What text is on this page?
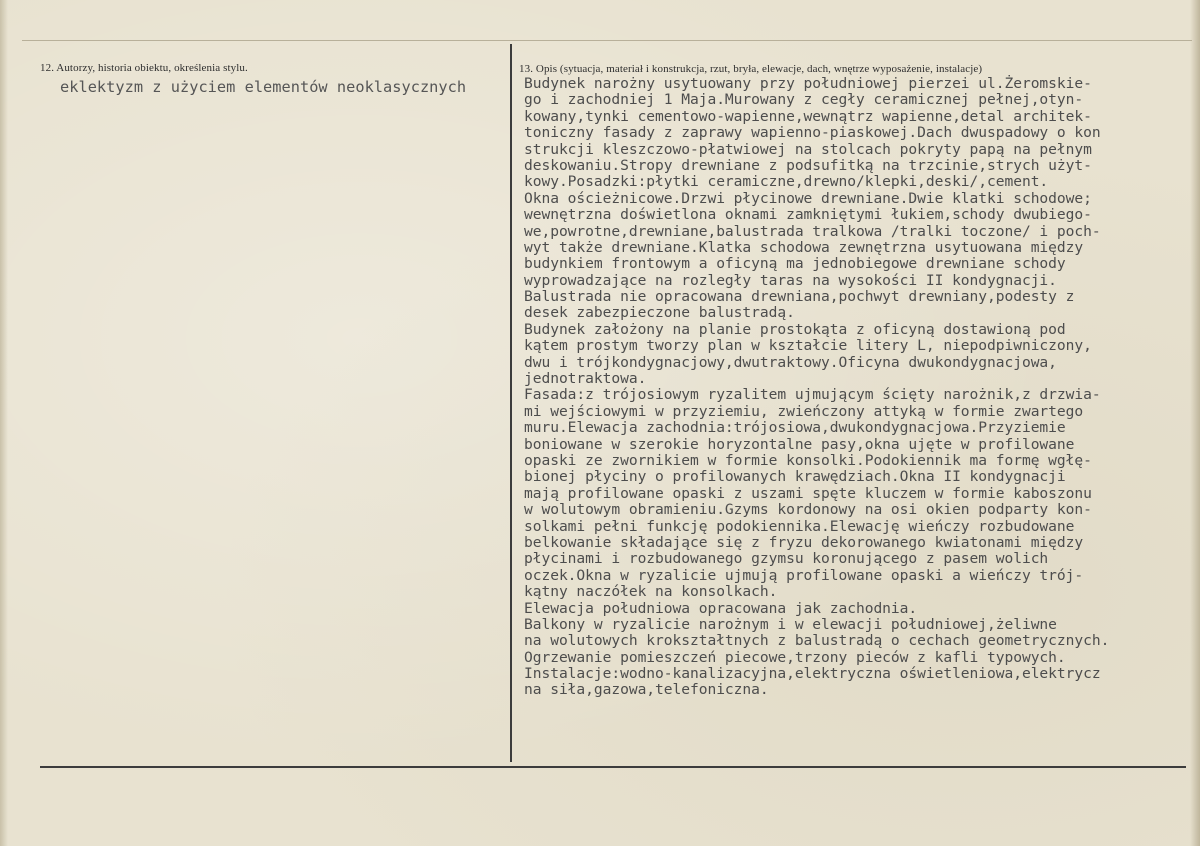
12. Autorzy, historia obiektu, określenia stylu.
eklektyzm z użyciem elementów neoklasycznych
13. Opis (sytuacja, materiał i konstrukcja, rzut, bryła, elewacje, dach, wnętrze wyposażenie, instalacje)
Budynek narożny usytuowany przy południowej pierzei ul.Żeromskie-
go i zachodniej 1 Maja.Murowany z cegły ceramicznej pełnej,otyn-
kowany,tynki cementowo-wapienne,wewnątrz wapienne,detal architek-
toniczny fasady z zaprawy wapienno-piaskowej.Dach dwuspadowy o kon
strukcji kleszczowo-płatwiowej na stolcach pokryty papą na pełnym
deskowaniu.Stropy drewniane z podsufitką na trzcinie,strych użyt-
kowy.Posadzki:płytki ceramiczne,drewno/klepki,deski/,cement.
Okna ościeżnicowe.Drzwi płycinowe drewniane.Dwie klatki schodowe;
wewnętrzna doświetlona oknami zamkniętymi łukiem,schody dwubiego-
we,powrotne,drewniane,balustrada tralkowa /tralki toczone/ i poch-
wyt także drewniane.Klatka schodowa zewnętrzna usytuowana między
budynkiem frontowym a oficyną ma jednobiegowe drewniane schody
wyprowadzające na rozległy taras na wysokości II kondygnacji.
Balustrada nie opracowana drewniana,pochwyt drewniany,podesty z
desek zabezpieczone balustradą.
Budynek założony na planie prostokąta z oficyną dostawioną pod
kątem prostym tworzy plan w kształcie litery L, niepodpiwniczony,
dwu i trójkondygnacjowy,dwutraktowy.Oficyna dwukondygnacjowa,
jednotraktowa.
Fasada:z trójosiowym ryzalitem ujmującym ścięty narożnik,z drzwia-
mi wejściowymi w przyziemiu, zwieńczony attyką w formie zwartego
muru.Elewacja zachodnia:trójosiowa,dwukondygnacjowa.Przyziemie
boniowane w szerokie horyzontalne pasy,okna ujęte w profilowane
opaski ze zwornikiem w formie konsolki.Podokiennik ma formę wgłę-
bionej płyciny o profilowanych krawędziach.Okna II kondygnacji
mają profilowane opaski z uszami spęte kluczem w formie kaboszonu
w wolutowym obramieniu.Gzyms kordonowy na osi okien podparty kon-
solkami pełni funkcję podokiennika.Elewację wieńczy rozbudowane
belkowanie składające się z fryzu dekorowanego kwiatonami między
płycinami i rozbudowanego gzymsu koronującego z pasem wolich
oczek.Okna w ryzalicie ujmują profilowane opaski a wieńczy trój-
kątny naczółek na konsolkach.
Elewacja południowa opracowana jak zachodnia.
Balkony w ryzalicie narożnym i w elewacji południowej,żeliwne
na wolutowych krokształtnych z balustradą o cechach geometrycznych.
Ogrzewanie pomieszczeń piecowe,trzony pieców z kafli typowych.
Instalacje:wodno-kanalizacyjna,elektryczna oświetleniowa,elektrycz
na siła,gazowa,telefoniczna.
